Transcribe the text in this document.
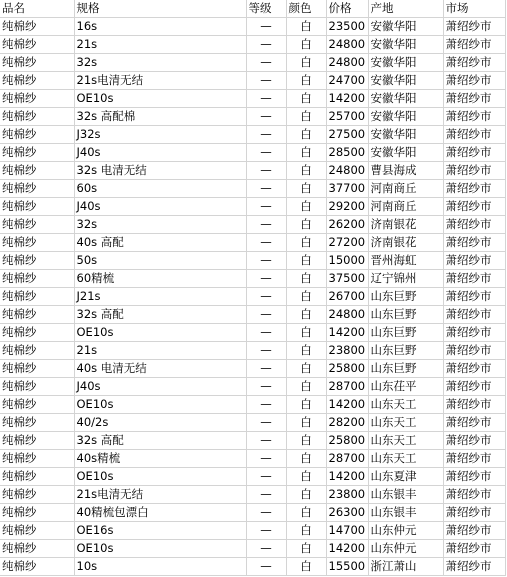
品名	规格	等级	颜色	价格	产地	市场
纯棉纱	16s	—	白	23500	安徽华阳	萧绍纱市
纯棉纱	21s	—	白	24800	安徽华阳	萧绍纱市
纯棉纱	32s	—	白	24800	安徽华阳	萧绍纱市
纯棉纱	21s电清无结	—	白	24700	安徽华阳	萧绍纱市
纯棉纱	OE10s	—	白	14200	安徽华阳	萧绍纱市
纯棉纱	32s 高配棉	—	白	25700	安徽华阳	萧绍纱市
纯棉纱	J32s	—	白	27500	安徽华阳	萧绍纱市
纯棉纱	J40s	—	白	28500	安徽华阳	萧绍纱市
纯棉纱	32s 电清无结	—	白	24800	曹县海成	萧绍纱市
纯棉纱	60s	—	白	37700	河南商丘	萧绍纱市
纯棉纱	J40s	—	白	29200	河南商丘	萧绍纱市
纯棉纱	32s	—	白	26200	济南银花	萧绍纱市
纯棉纱	40s 高配	—	白	27200	济南银花	萧绍纱市
纯棉纱	50s	—	白	15000	晋州海虹	萧绍纱市
纯棉纱	60精梳	—	白	37500	辽宁锦州	萧绍纱市
纯棉纱	J21s	—	白	26700	山东巨野	萧绍纱市
纯棉纱	32s 高配	—	白	24800	山东巨野	萧绍纱市
纯棉纱	OE10s	—	白	14200	山东巨野	萧绍纱市
纯棉纱	21s	—	白	23800	山东巨野	萧绍纱市
纯棉纱	40s 电清无结	—	白	25800	山东巨野	萧绍纱市
纯棉纱	J40s	—	白	28700	山东茌平	萧绍纱市
纯棉纱	OE10s	—	白	14200	山东天工	萧绍纱市
纯棉纱	40/2s	—	白	28200	山东天工	萧绍纱市
纯棉纱	32s 高配	—	白	25800	山东天工	萧绍纱市
纯棉纱	40s精梳	—	白	28700	山东天工	萧绍纱市
纯棉纱	OE10s	—	白	14200	山东夏津	萧绍纱市
纯棉纱	21s电清无结	—	白	23800	山东银丰	萧绍纱市
纯棉纱	40精梳包漂白	—	白	26300	山东银丰	萧绍纱市
纯棉纱	OE16s	—	白	14700	山东仲元	萧绍纱市
纯棉纱	OE10s	—	白	14200	山东仲元	萧绍纱市
纯棉纱	10s	—	白	15500	浙江萧山	萧绍纱市
